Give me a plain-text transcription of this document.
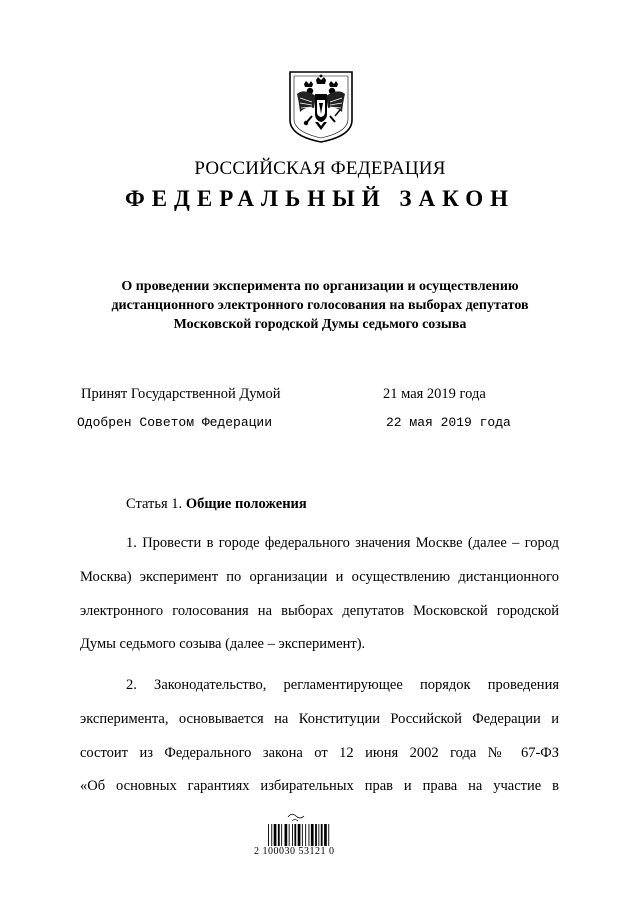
РОССИЙСКАЯ ФЕДЕРАЦИЯ
ФЕДЕРАЛЬНЫЙ ЗАКОН
О проведении эксперимента по организации и осуществлению
дистанционного электронного голосования на выборах депутатов
Московской городской Думы седьмого созыва
Принят Государственной Думой	21 мая 2019 года
Одобрен Советом Федерации	22 мая 2019 года
Статья 1. Общие положения
1. Провести в городе федерального значения Москве (далее – город
Москва) эксперимент по организации и осуществлению дистанционного
электронного голосования на выборах депутатов Московской городской
Думы седьмого созыва (далее – эксперимент).
2. Законодательство, регламентирующее порядок проведения
эксперимента, основывается на Конституции Российской Федерации и
состоит из Федерального закона от 12 июня 2002 года № 67-ФЗ
«Об основных гарантиях избирательных прав и права на участие в
2 100030 53121 0
